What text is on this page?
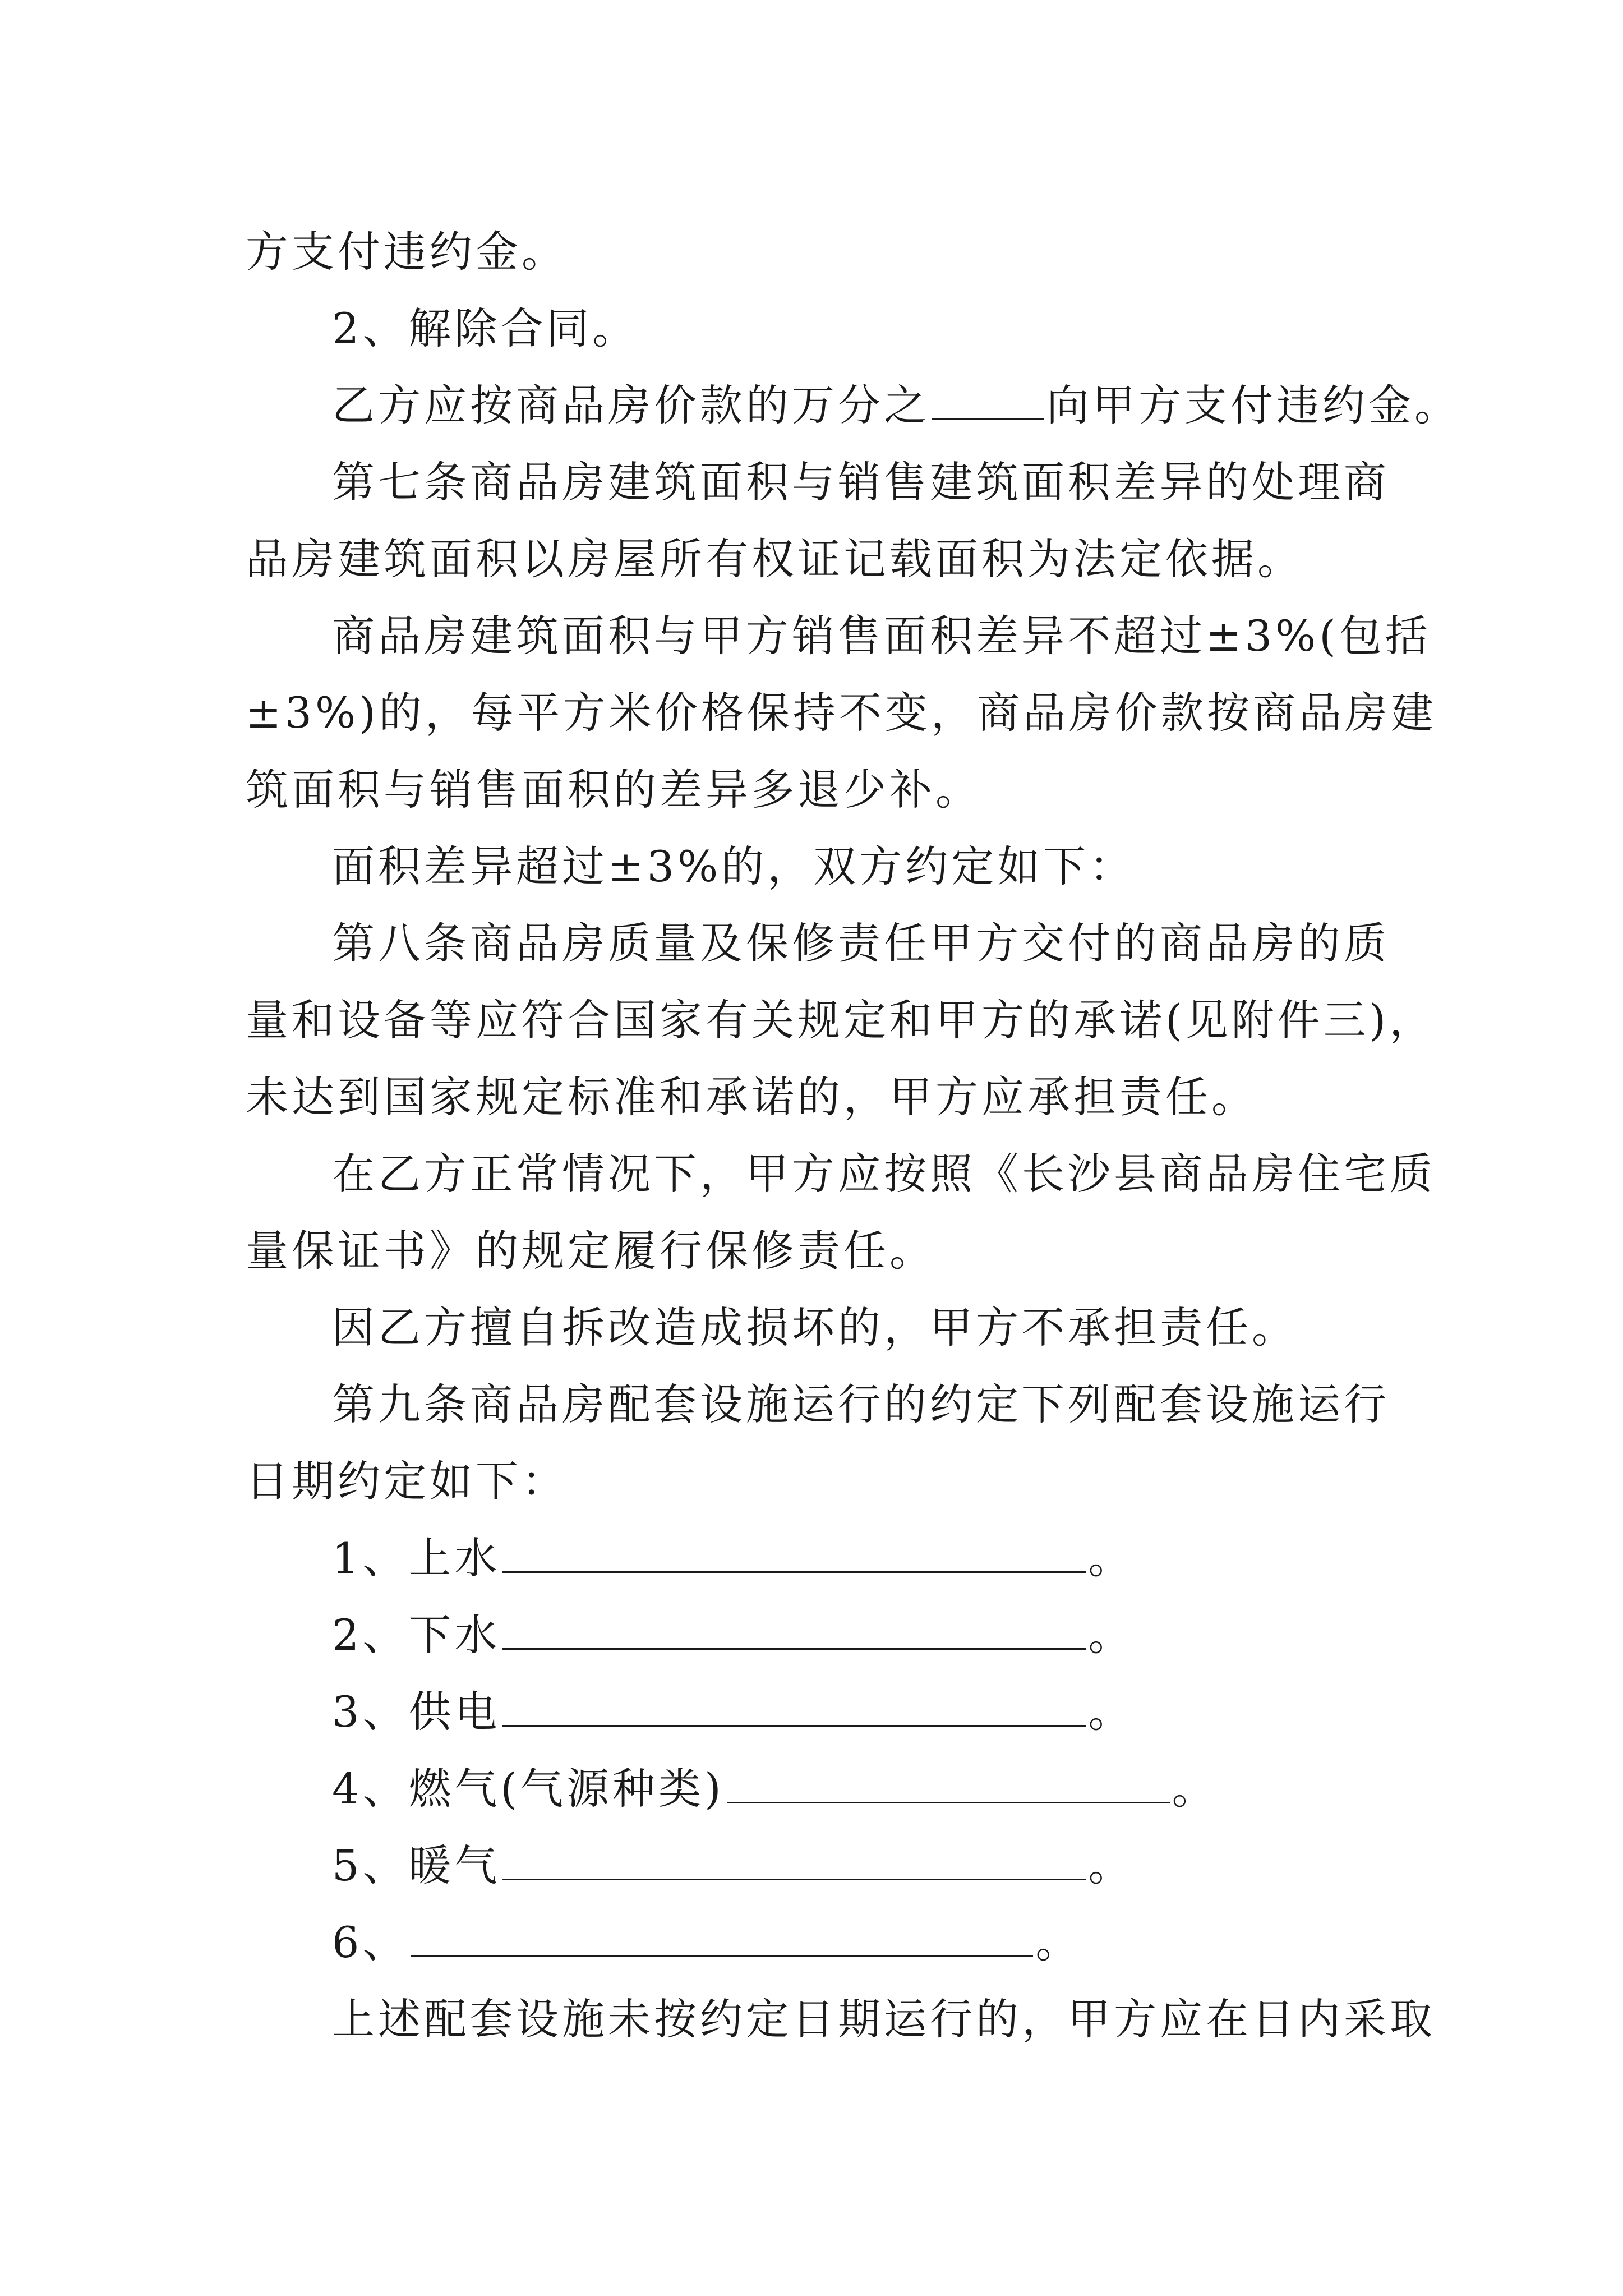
方支付违约金。
2、解除合同。
乙方应按商品房价款的万分之	向甲方支付违约金。
第七条商品房建筑面积与销售建筑面积差异的处理商
品房建筑面积以房屋所有权证记载面积为法定依据。
商品房建筑面积与甲方销售面积差异不超过±3%(包括
±3%)的，每平方米价格保持不变，商品房价款按商品房建
筑面积与销售面积的差异多退少补。
面积差异超过±3%的，双方约定如下：
第八条商品房质量及保修责任甲方交付的商品房的质
量和设备等应符合国家有关规定和甲方的承诺(见附件三)，
未达到国家规定标准和承诺的，甲方应承担责任。
在乙方正常情况下，甲方应按照《长沙县商品房住宅质
量保证书》的规定履行保修责任。
因乙方擅自拆改造成损坏的，甲方不承担责任。
第九条商品房配套设施运行的约定下列配套设施运行
日期约定如下：
1、上水	。
2、下水	。
3、供电	。
4、燃气(气源种类)	。
5、暖气	。
6、	。
上述配套设施未按约定日期运行的，甲方应在日内采取
